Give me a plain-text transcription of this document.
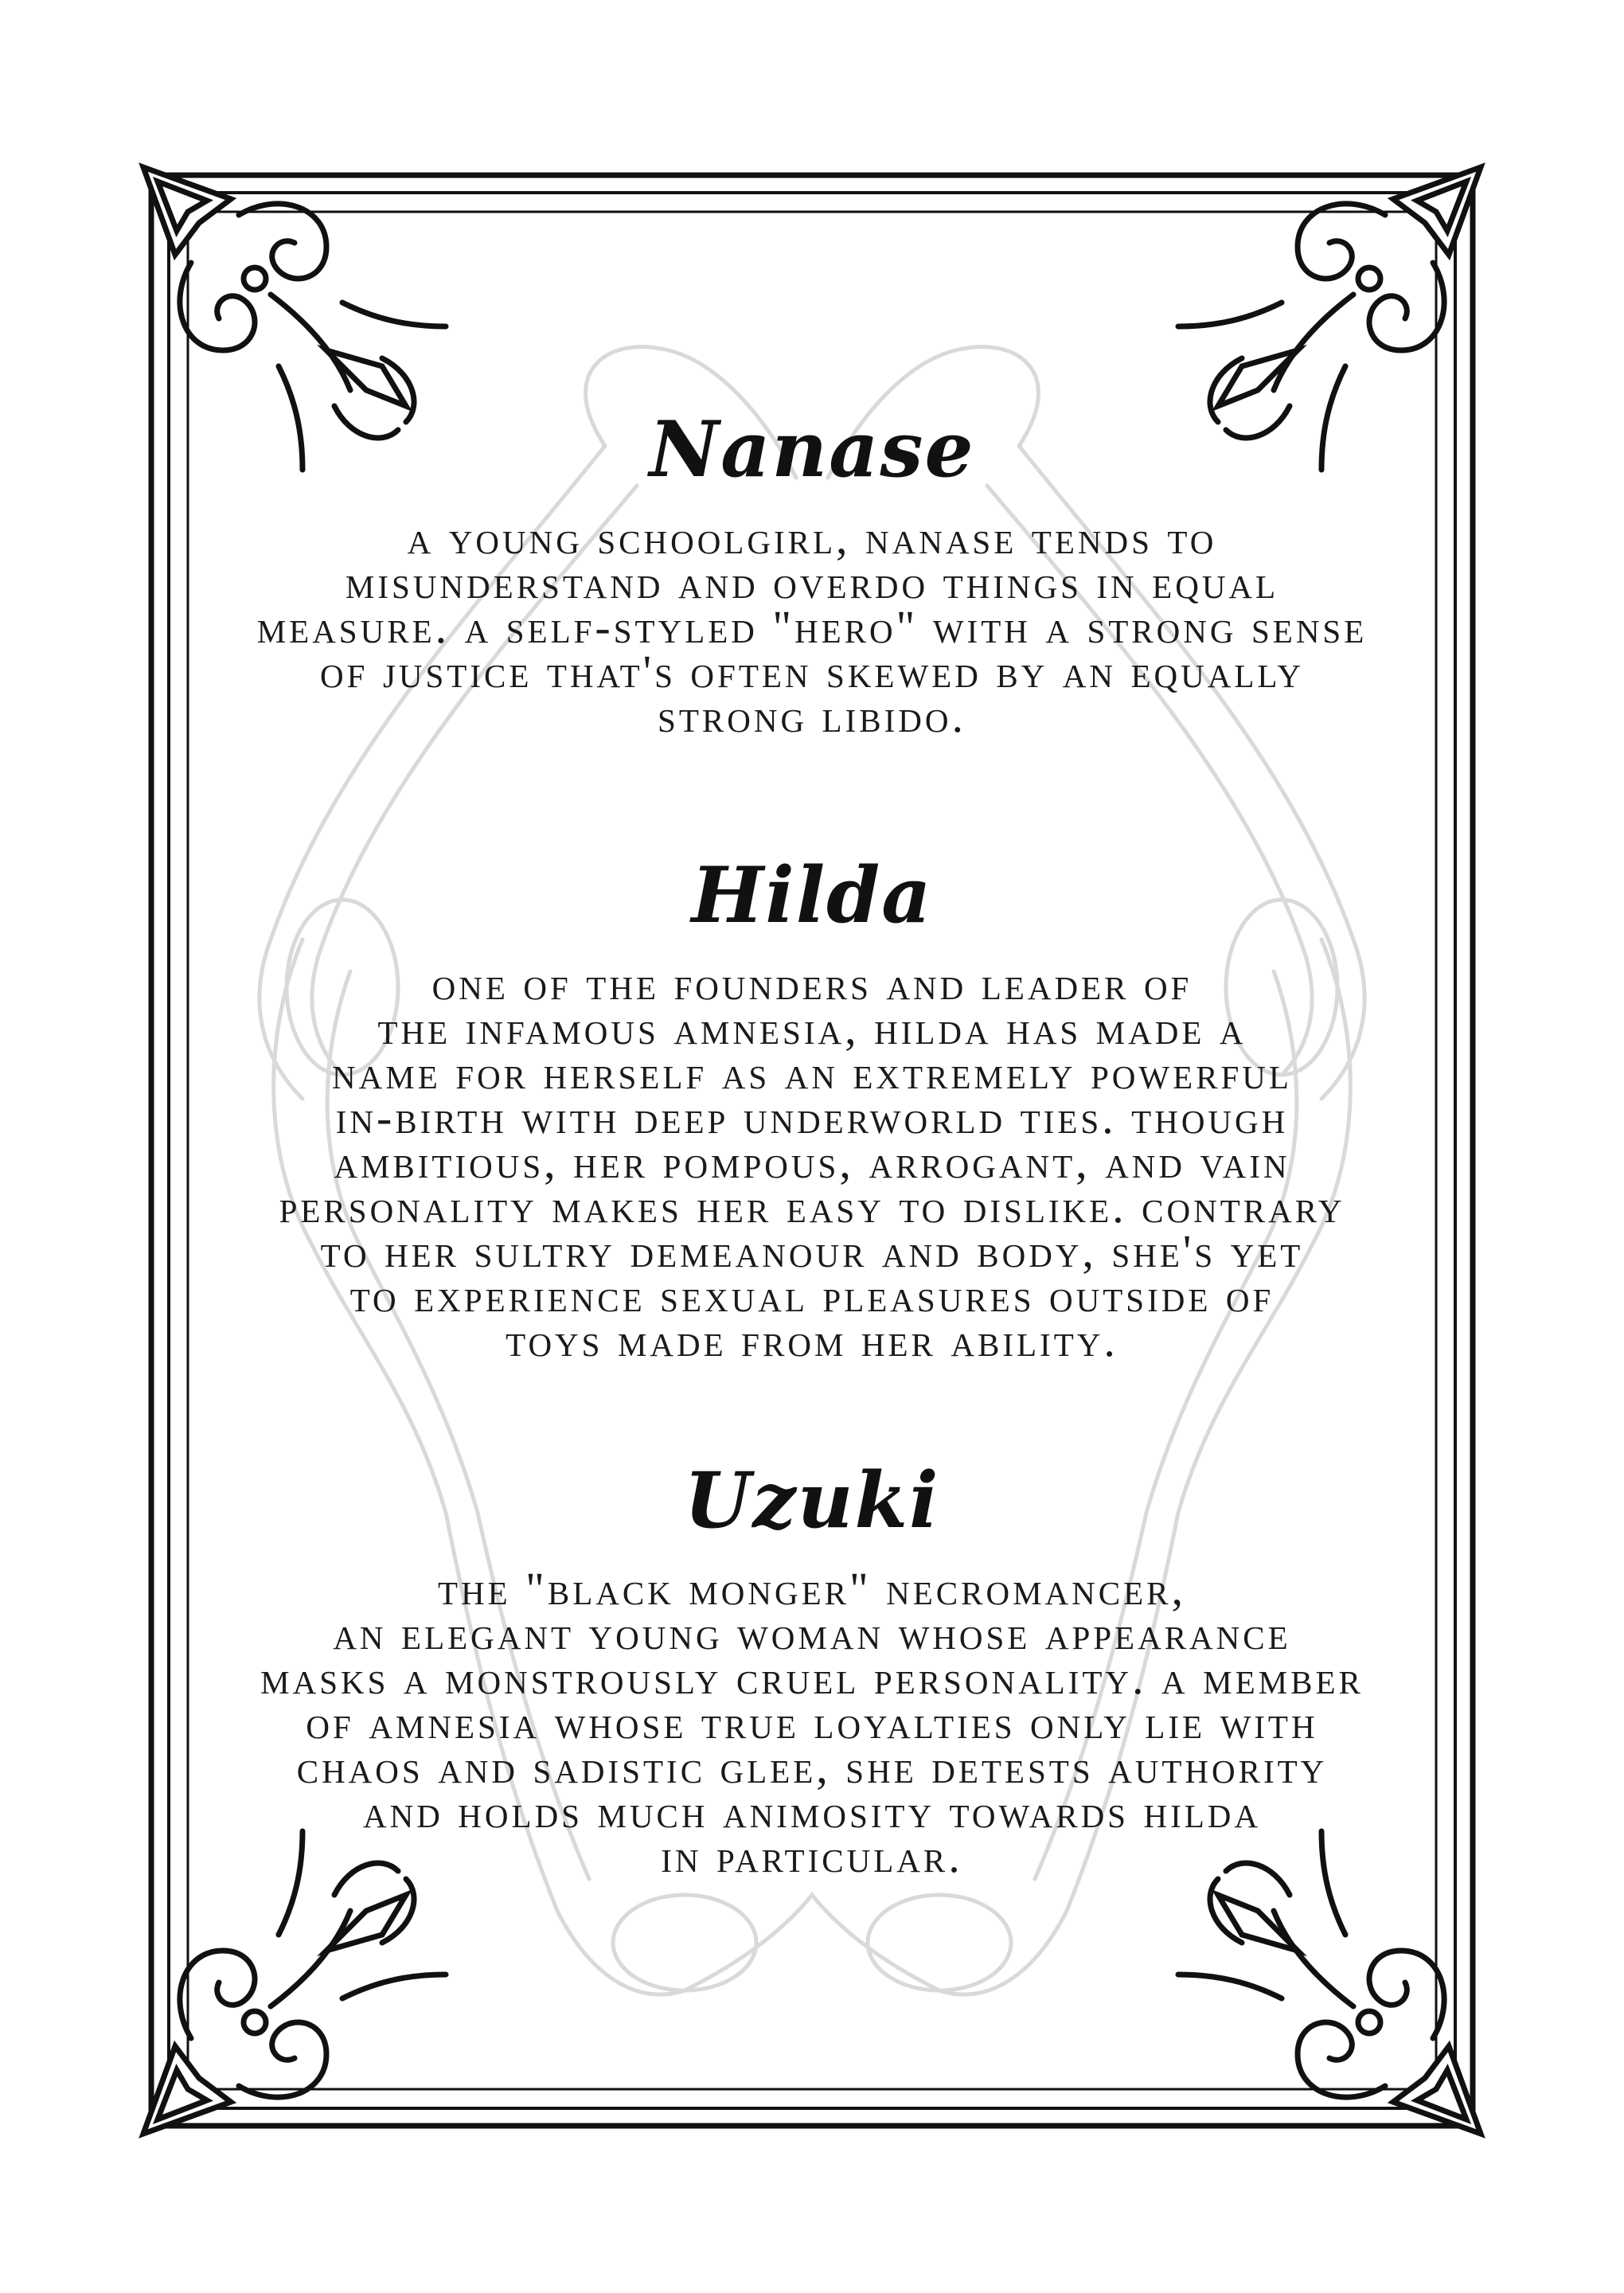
Nanase

a young schoolgirl, nanase tends to
misunderstand and overdo things in equal
measure. a self-styled "hero" with a strong sense
of justice that's often skewed by an equally
strong libido.

Hilda

one of the founders and leader of
the infamous amnesia, hilda has made a
name for herself as an extremely powerful
in-birth with deep underworld ties. though
ambitious, her pompous, arrogant, and vain
personality makes her easy to dislike. contrary
to her sultry demeanour and body, she's yet
to experience sexual pleasures outside of
toys made from her ability.

Uzuki

the "black monger" necromancer,
an elegant young woman whose appearance
masks a monstrously cruel personality. a member
of amnesia whose true loyalties only lie with
chaos and sadistic glee, she detests authority
and holds much animosity towards hilda
in particular.
